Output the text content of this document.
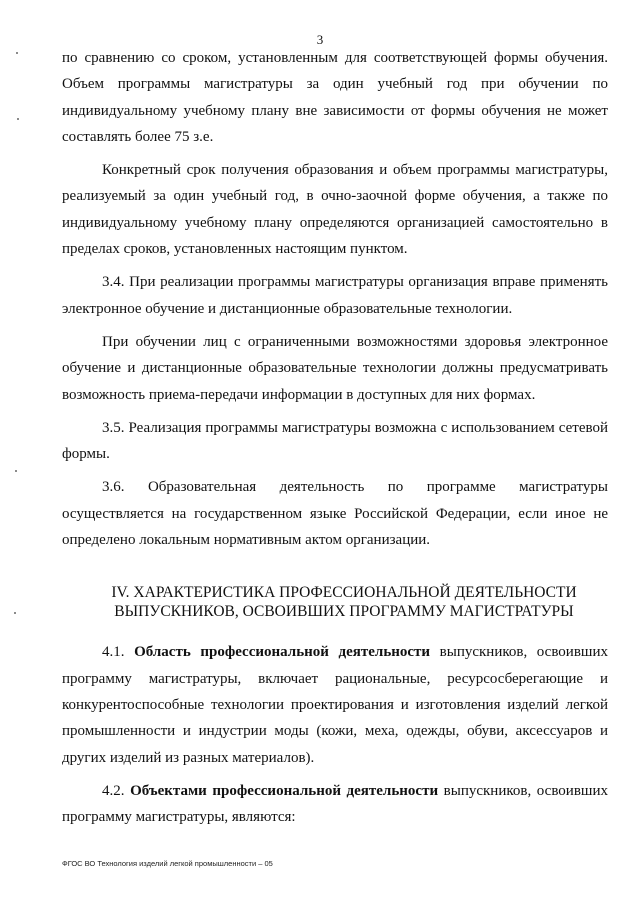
3

по сравнению со сроком, установленным для соответствующей формы обучения. Объем программы магистратуры за один учебный год при обучении по индивидуальному учебному плану вне зависимости от формы обучения не может составлять более 75 з.е.

Конкретный срок получения образования и объем программы магистратуры, реализуемый за один учебный год, в очно-заочной форме обучения, а также по индивидуальному учебному плану определяются организацией самостоятельно в пределах сроков, установленных настоящим пунктом.

3.4. При реализации программы магистратуры организация вправе применять электронное обучение и дистанционные образовательные технологии.

При обучении лиц с ограниченными возможностями здоровья электронное обучение и дистанционные образовательные технологии должны предусматривать возможность приема-передачи информации в доступных для них формах.

3.5. Реализация программы магистратуры возможна с использованием сетевой формы.

3.6. Образовательная деятельность по программе магистратуры осуществляется на государственном языке Российской Федерации, если иное не определено локальным нормативным актом организации.

IV. ХАРАКТЕРИСТИКА ПРОФЕССИОНАЛЬНОЙ ДЕЯТЕЛЬНОСТИ
ВЫПУСКНИКОВ, ОСВОИВШИХ ПРОГРАММУ МАГИСТРАТУРЫ

4.1. Область профессиональной деятельности выпускников, освоивших программу магистратуры, включает рациональные, ресурсосберегающие и конкурентоспособные технологии проектирования и изготовления изделий легкой промышленности и индустрии моды (кожи, меха, одежды, обуви, аксессуаров и других изделий из разных материалов).

4.2. Объектами профессиональной деятельности выпускников, освоивших программу магистратуры, являются:

ФГОС ВО Технология изделий легкой промышленности – 05
